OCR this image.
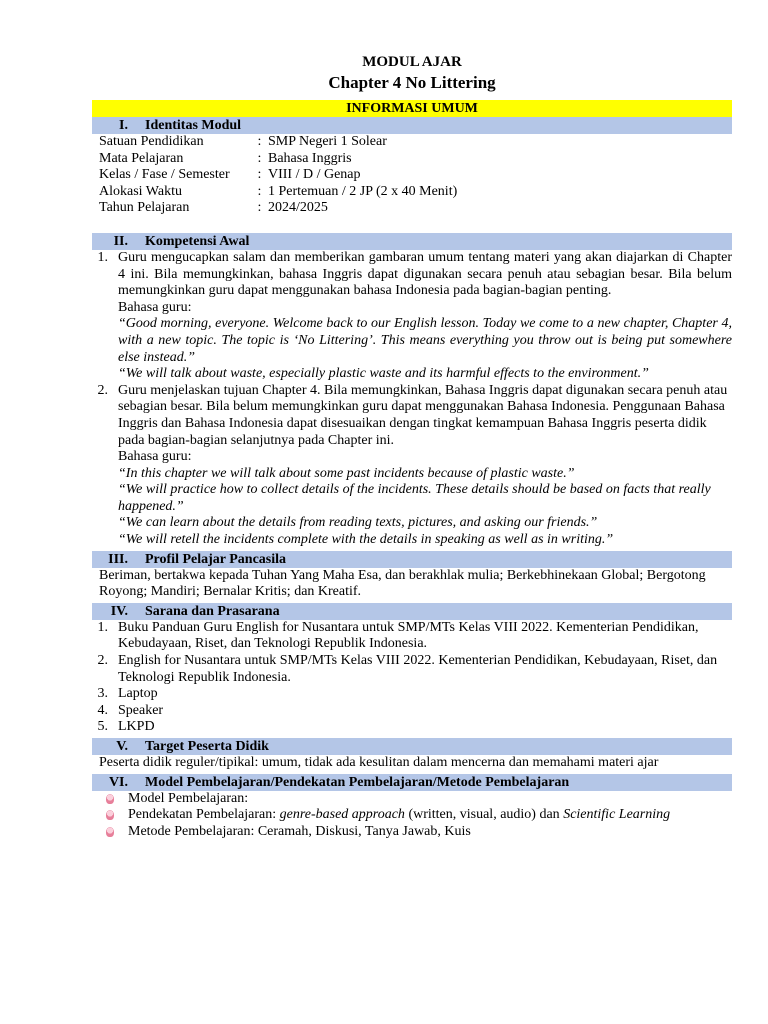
MODUL AJAR
Chapter 4 No Littering
INFORMASI UMUM
I.	Identitas Modul
Satuan Pendidikan	: SMP Negeri 1 Solear
Mata Pelajaran	: Bahasa Inggris
Kelas / Fase / Semester	: VIII / D / Genap
Alokasi Waktu	: 1 Pertemuan / 2 JP (2 x 40 Menit)
Tahun Pelajaran	: 2024/2025
II.	Kompetensi Awal
1. Guru mengucapkan salam dan memberikan gambaran umum tentang materi yang akan diajarkan di Chapter 4 ini. Bila memungkinkan, bahasa Inggris dapat digunakan secara penuh atau sebagian besar. Bila belum memungkinkan guru dapat menggunakan bahasa Indonesia pada bagian-bagian penting.
Bahasa guru:
“Good morning, everyone. Welcome back to our English lesson. Today we come to a new chapter, Chapter 4, with a new topic. The topic is ‘No Littering’. This means everything you throw out is being put somewhere else instead.”
“We will talk about waste, especially plastic waste and its harmful effects to the environment.”
2. Guru menjelaskan tujuan Chapter 4. Bila memungkinkan, Bahasa Inggris dapat digunakan secara penuh atau sebagian besar. Bila belum memungkinkan guru dapat menggunakan Bahasa Indonesia. Penggunaan Bahasa Inggris dan Bahasa Indonesia dapat disesuaikan dengan tingkat kemampuan Bahasa Inggris peserta didik pada bagian-bagian selanjutnya pada Chapter ini.
Bahasa guru:
“In this chapter we will talk about some past incidents because of plastic waste.”
“We will practice how to collect details of the incidents. These details should be based on facts that really happened.”
“We can learn about the details from reading texts, pictures, and asking our friends.”
“We will retell the incidents complete with the details in speaking as well as in writing.”
III.	Profil Pelajar Pancasila
Beriman, bertakwa kepada Tuhan Yang Maha Esa, dan berakhlak mulia; Berkebhinekaan Global; Bergotong Royong; Mandiri; Bernalar Kritis; dan Kreatif.
IV.	Sarana dan Prasarana
1. Buku Panduan Guru English for Nusantara untuk SMP/MTs Kelas VIII 2022. Kementerian Pendidikan, Kebudayaan, Riset, dan Teknologi Republik Indonesia.
2. English for Nusantara untuk SMP/MTs Kelas VIII 2022. Kementerian Pendidikan, Kebudayaan, Riset, dan Teknologi Republik Indonesia.
3. Laptop
4. Speaker
5. LKPD
V.	Target Peserta Didik
Peserta didik reguler/tipikal: umum, tidak ada kesulitan dalam mencerna dan memahami materi ajar
VI.	Model Pembelajaran/Pendekatan Pembelajaran/Metode Pembelajaran
Model Pembelajaran:
Pendekatan Pembelajaran: genre-based approach (written, visual, audio) dan Scientific Learning
Metode Pembelajaran: Ceramah, Diskusi, Tanya Jawab, Kuis
